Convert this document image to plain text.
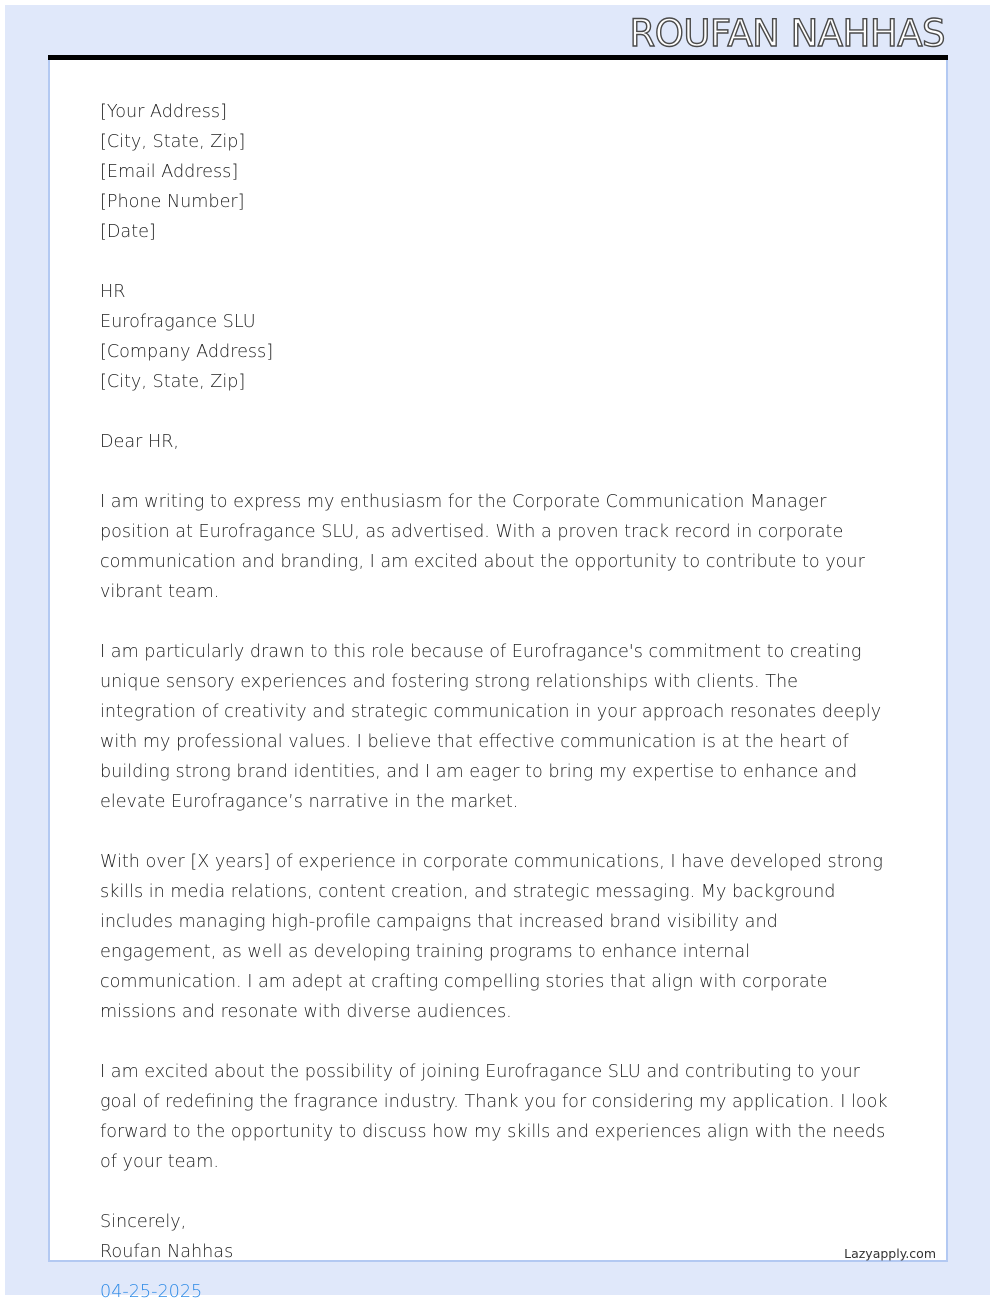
ROUFAN NAHHAS
[Your Address]
[City, State, Zip]
[Email Address]
[Phone Number]
[Date]
HR
Eurofragance SLU
[Company Address]
[City, State, Zip]
Dear HR,
I am writing to express my enthusiasm for the Corporate Communication Manager
position at Eurofragance SLU, as advertised. With a proven track record in corporate
communication and branding, I am excited about the opportunity to contribute to your
vibrant team.
I am particularly drawn to this role because of Eurofragance's commitment to creating
unique sensory experiences and fostering strong relationships with clients. The
integration of creativity and strategic communication in your approach resonates deeply
with my professional values. I believe that effective communication is at the heart of
building strong brand identities, and I am eager to bring my expertise to enhance and
elevate Eurofragance’s narrative in the market.
With over [X years] of experience in corporate communications, I have developed strong
skills in media relations, content creation, and strategic messaging. My background
includes managing high-profile campaigns that increased brand visibility and
engagement, as well as developing training programs to enhance internal
communication. I am adept at crafting compelling stories that align with corporate
missions and resonate with diverse audiences.
I am excited about the possibility of joining Eurofragance SLU and contributing to your
goal of redefining the fragrance industry. Thank you for considering my application. I look
forward to the opportunity to discuss how my skills and experiences align with the needs
of your team.
Sincerely,
Roufan Nahhas
04-25-2025
Lazyapply.com
